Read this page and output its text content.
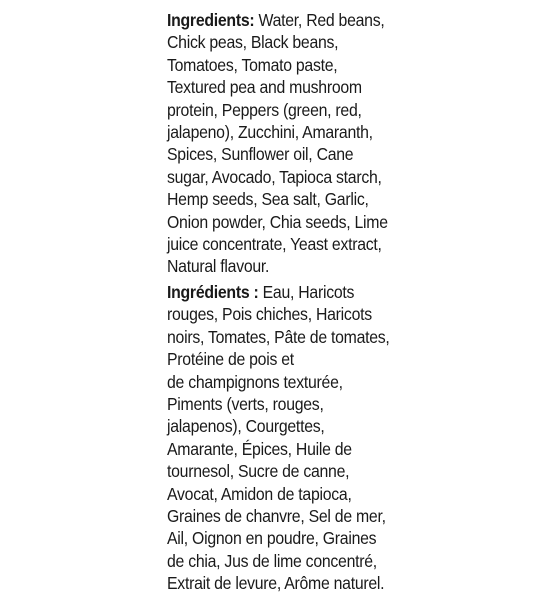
Ingredients: Water, Red beans,
Chick peas, Black beans,
Tomatoes, Tomato paste,
Textured pea and mushroom
protein, Peppers (green, red,
jalapeno), Zucchini, Amaranth,
Spices, Sunflower oil, Cane
sugar, Avocado, Tapioca starch,
Hemp seeds, Sea salt, Garlic,
Onion powder, Chia seeds, Lime
juice concentrate, Yeast extract,
Natural flavour.
Ingrédients : Eau, Haricots
rouges, Pois chiches, Haricots
noirs, Tomates, Pâte de tomates,
Protéine de pois et
de champignons texturée,
Piments (verts, rouges,
jalapenos), Courgettes,
Amarante, Épices, Huile de
tournesol, Sucre de canne,
Avocat, Amidon de tapioca,
Graines de chanvre, Sel de mer,
Ail, Oignon en poudre, Graines
de chia, Jus de lime concentré,
Extrait de levure, Arôme naturel.
